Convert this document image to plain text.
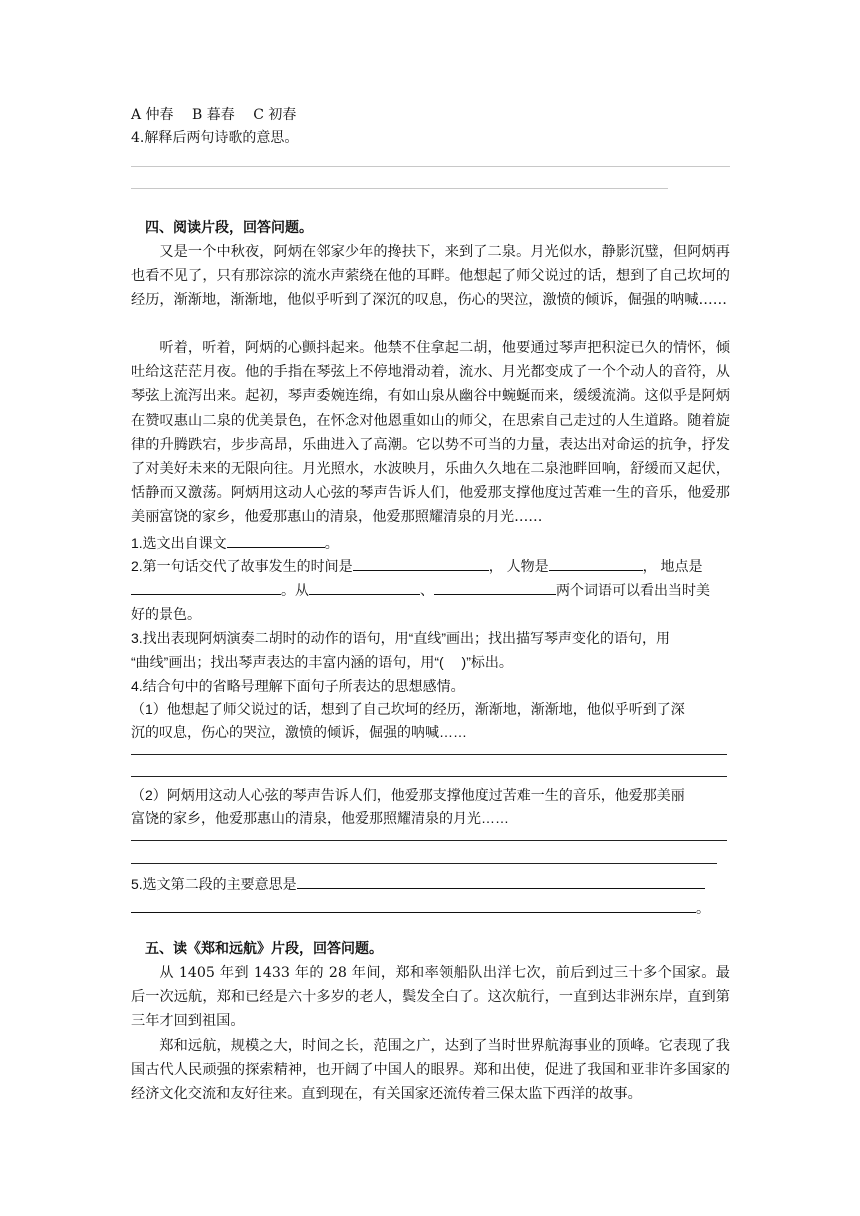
A 仲春　 B 暮春　 C 初春
4.解释后两句诗歌的意思。
四、阅读片段，回答问题。
又是一个中秋夜，阿炳在邻家少年的搀扶下，来到了二泉。月光似水，静影沉璧，但阿炳再也看不见了，只有那淙淙的流水声萦绕在他的耳畔。他想起了师父说过的话，想到了自己坎坷的经历，渐渐地，渐渐地，他似乎听到了深沉的叹息，伤心的哭泣，激愤的倾诉，倔强的呐喊……
听着，听着，阿炳的心颤抖起来。他禁不住拿起二胡，他要通过琴声把积淀已久的情怀，倾吐给这茫茫月夜。他的手指在琴弦上不停地滑动着，流水、月光都变成了一个个动人的音符，从琴弦上流泻出来。起初，琴声委婉连绵，有如山泉从幽谷中蜿蜒而来，缓缓流淌。这似乎是阿炳在赞叹惠山二泉的优美景色，在怀念对他恩重如山的师父，在思索自己走过的人生道路。随着旋律的升腾跌宕，步步高昂，乐曲进入了高潮。它以势不可当的力量，表达出对命运的抗争，抒发了对美好未来的无限向往。月光照水，水波映月，乐曲久久地在二泉池畔回响，舒缓而又起伏，恬静而又激荡。阿炳用这动人心弦的琴声告诉人们，他爱那支撑他度过苦难一生的音乐，他爱那美丽富饶的家乡，他爱那惠山的清泉，他爱那照耀清泉的月光……
1.选文出自课文	。
2.第一句话交代了故事发生的时间是	， 人物是	， 地点是
。从	、	两个词语可以看出当时美
好的景色。
3.找出表现阿炳演奏二胡时的动作的语句，用“直线”画出；找出描写琴声变化的语句，用
“曲线”画出；找出琴声表达的丰富内涵的语句，用“(　 )”标出。
4.结合句中的省略号理解下面句子所表达的思想感情。
（1）他想起了师父说过的话，想到了自己坎坷的经历，渐渐地，渐渐地，他似乎听到了深
沉的叹息，伤心的哭泣，激愤的倾诉，倔强的呐喊……
（2）阿炳用这动人心弦的琴声告诉人们，他爱那支撑他度过苦难一生的音乐，他爱那美丽
富饶的家乡，他爱那惠山的清泉，他爱那照耀清泉的月光……
5.选文第二段的主要意思是
。
五、读《郑和远航》片段，回答问题。
从 1405 年到 1433 年的 28 年间，郑和率领船队出洋七次，前后到过三十多个国家。最后一次远航，郑和已经是六十多岁的老人，鬓发全白了。这次航行，一直到达非洲东岸，直到第三年才回到祖国。
郑和远航，规模之大，时间之长，范围之广，达到了当时世界航海事业的顶峰。它表现了我国古代人民顽强的探索精神，也开阔了中国人的眼界。郑和出使，促进了我国和亚非许多国家的经济文化交流和友好往来。直到现在，有关国家还流传着三保太监下西洋的故事。
